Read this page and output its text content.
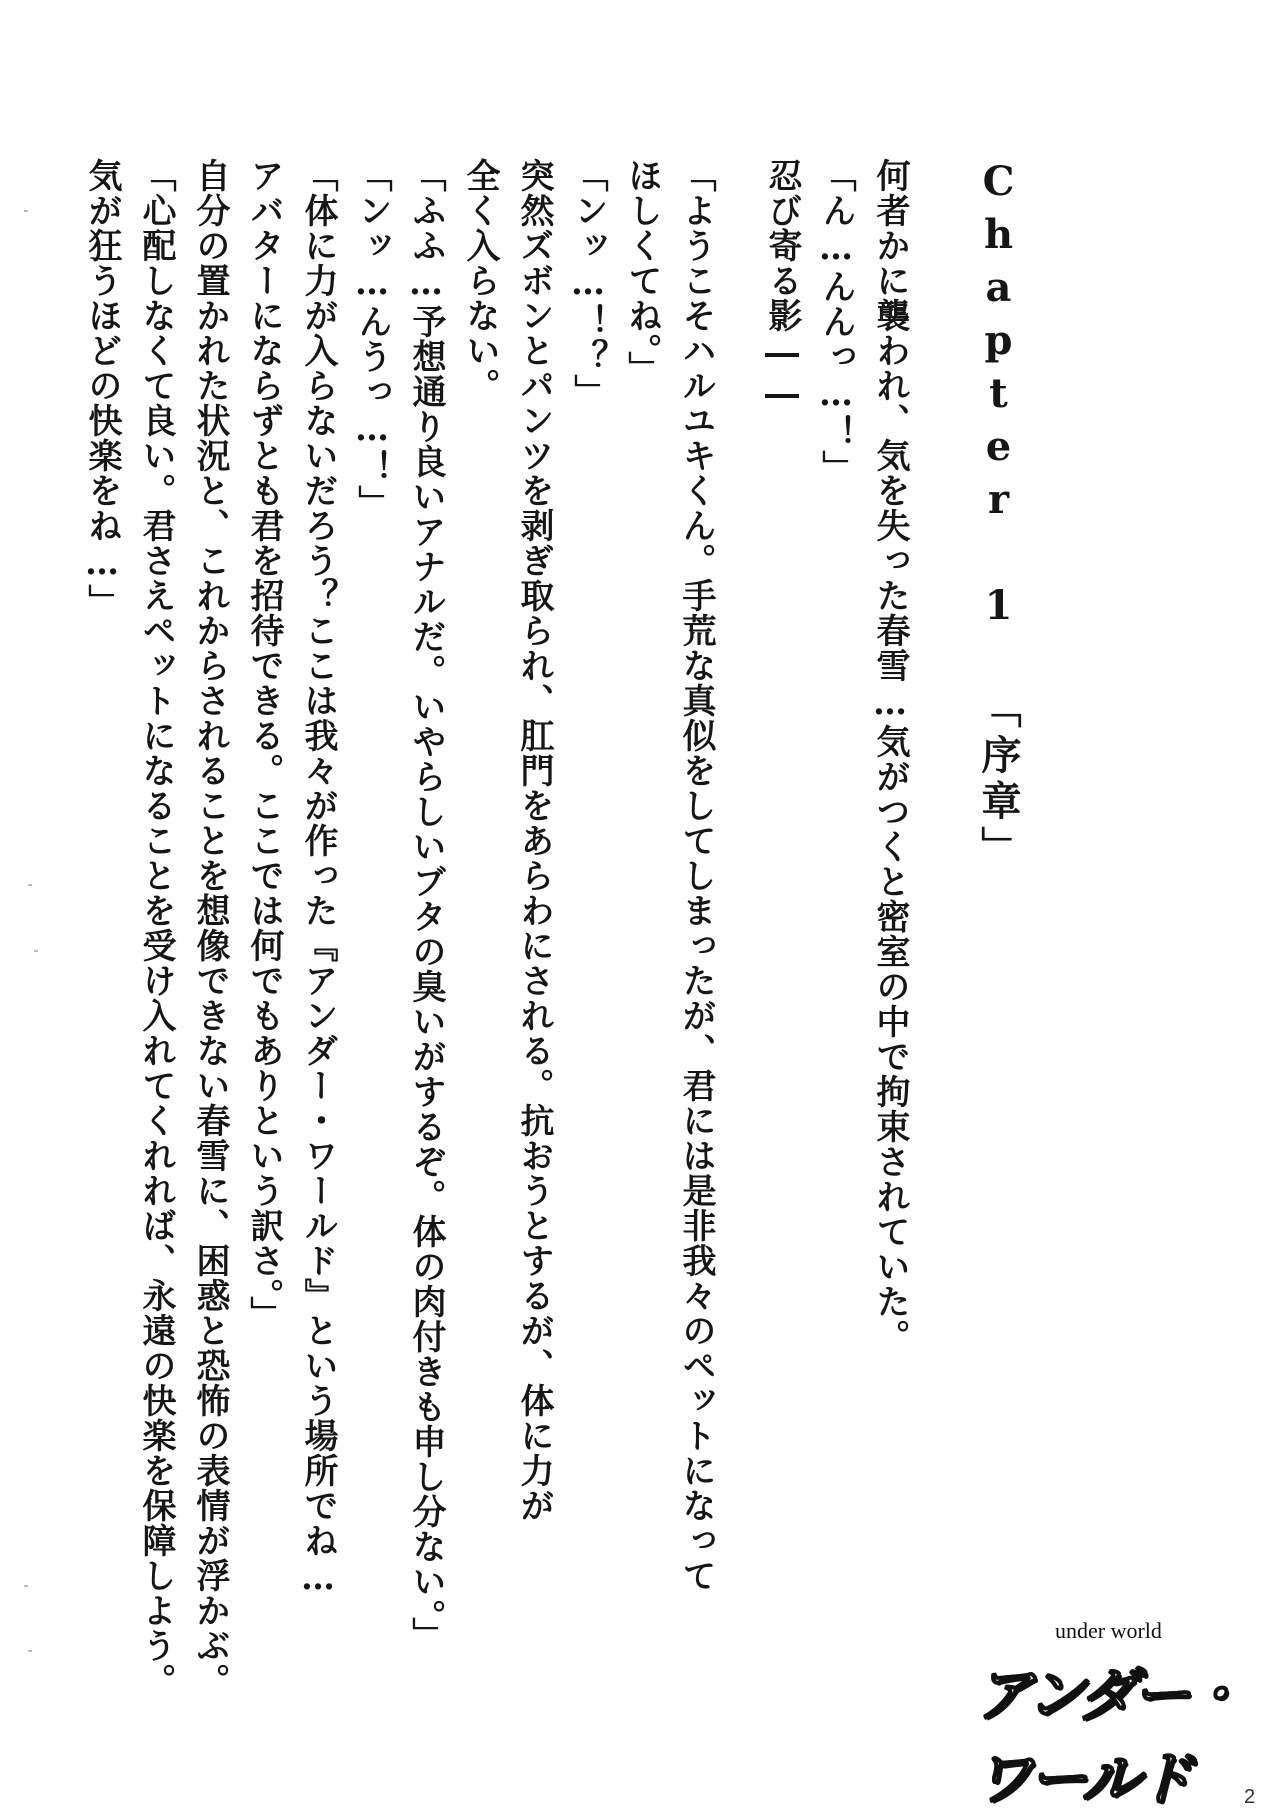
Chapter 1 「序章」
何者かに襲われ、気を失った春雪…気がつくと密室の中で拘束されていた。
「ん…んんっ…！」
忍び寄る影――
「ようこそハルユキくん。手荒な真似をしてしまったが、君には是非我々のペットになって
ほしくてね。」
「ンッ…！？」
突然ズボンとパンツを剥ぎ取られ、肛門をあらわにされる。抗おうとするが、体に力が
全く入らない。
「ふふ…予想通り良いアナルだ。いやらしいブタの臭いがするぞ。体の肉付きも申し分ない。」
「ンッ…んうっ…！」
「体に力が入らないだろう？ここは我々が作った『アンダー・ワールド』という場所でね…
アバターにならずとも君を招待できる。ここでは何でもありという訳さ。」
自分の置かれた状況と、これからされることを想像できない春雪に、困惑と恐怖の表情が浮かぶ。
「心配しなくて良い。君さえペットになることを受け入れてくれれば、永遠の快楽を保障しよう。
気が狂うほどの快楽をね…」
under world
アンダー・ワールド	2
